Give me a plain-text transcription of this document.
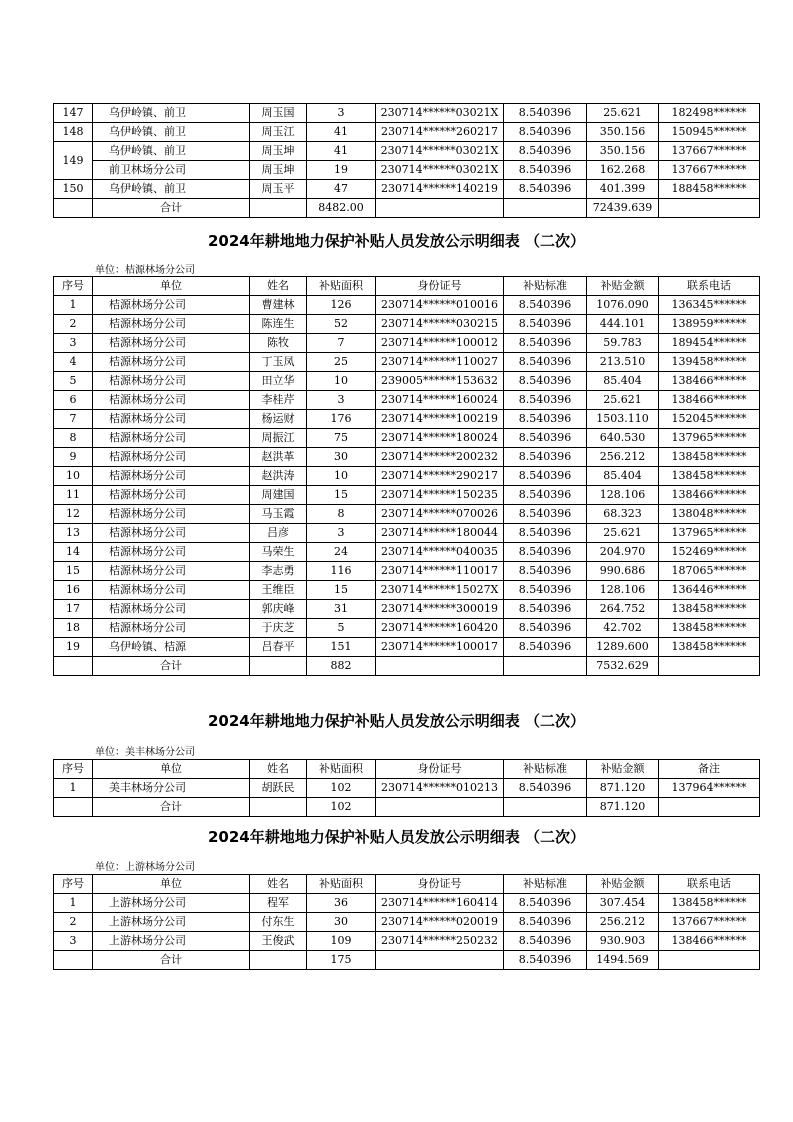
147	乌伊岭镇、前卫	周玉国	3	230714******03021X	8.540396	25.621	182498******
148	乌伊岭镇、前卫	周玉江	41	230714******260217	8.540396	350.156	150945******
149	乌伊岭镇、前卫	周玉坤	41	230714******03021X	8.540396	350.156	137667******
	前卫林场分公司	周玉坤	19	230714******03021X	8.540396	162.268	137667******
150	乌伊岭镇、前卫	周玉平	47	230714******140219	8.540396	401.399	188458******
	合计		8482.00			72439.639	
2024年耕地地力保护补贴人员发放公示明细表 （二次）
单位：桔源林场分公司
序号	单位	姓名	补贴面积	身份证号	补贴标准	补贴金额	联系电话
1	桔源林场分公司	曹建林	126	230714******010016	8.540396	1076.090	136345******
2	桔源林场分公司	陈连生	52	230714******030215	8.540396	444.101	138959******
3	桔源林场分公司	陈牧	7	230714******100012	8.540396	59.783	189454******
4	桔源林场分公司	丁玉凤	25	230714******110027	8.540396	213.510	139458******
5	桔源林场分公司	田立华	10	239005******153632	8.540396	85.404	138466******
6	桔源林场分公司	李桂芹	3	230714******160024	8.540396	25.621	138466******
7	桔源林场分公司	杨运财	176	230714******100219	8.540396	1503.110	152045******
8	桔源林场分公司	周振江	75	230714******180024	8.540396	640.530	137965******
9	桔源林场分公司	赵洪革	30	230714******200232	8.540396	256.212	138458******
10	桔源林场分公司	赵洪涛	10	230714******290217	8.540396	85.404	138458******
11	桔源林场分公司	周建国	15	230714******150235	8.540396	128.106	138466******
12	桔源林场分公司	马玉霞	8	230714******070026	8.540396	68.323	138048******
13	桔源林场分公司	吕彦	3	230714******180044	8.540396	25.621	137965******
14	桔源林场分公司	马荣生	24	230714******040035	8.540396	204.970	152469******
15	桔源林场分公司	李志勇	116	230714******110017	8.540396	990.686	187065******
16	桔源林场分公司	王维臣	15	230714******15027X	8.540396	128.106	136446******
17	桔源林场分公司	郭庆峰	31	230714******300019	8.540396	264.752	138458******
18	桔源林场分公司	于庆芝	5	230714******160420	8.540396	42.702	138458******
19	乌伊岭镇、桔源	吕春平	151	230714******100017	8.540396	1289.600	138458******
	合计		882			7532.629	
2024年耕地地力保护补贴人员发放公示明细表 （二次）
单位：美丰林场分公司
序号	单位	姓名	补贴面积	身份证号	补贴标准	补贴金额	备注
1	美丰林场分公司	胡跃民	102	230714******010213	8.540396	871.120	137964******
	合计		102			871.120	
2024年耕地地力保护补贴人员发放公示明细表 （二次）
单位：上游林场分公司
序号	单位	姓名	补贴面积	身份证号	补贴标准	补贴金额	联系电话
1	上游林场分公司	程军	36	230714******160414	8.540396	307.454	138458******
2	上游林场分公司	付东生	30	230714******020019	8.540396	256.212	137667******
3	上游林场分公司	王俊武	109	230714******250232	8.540396	930.903	138466******
	合计		175		8.540396	1494.569	
